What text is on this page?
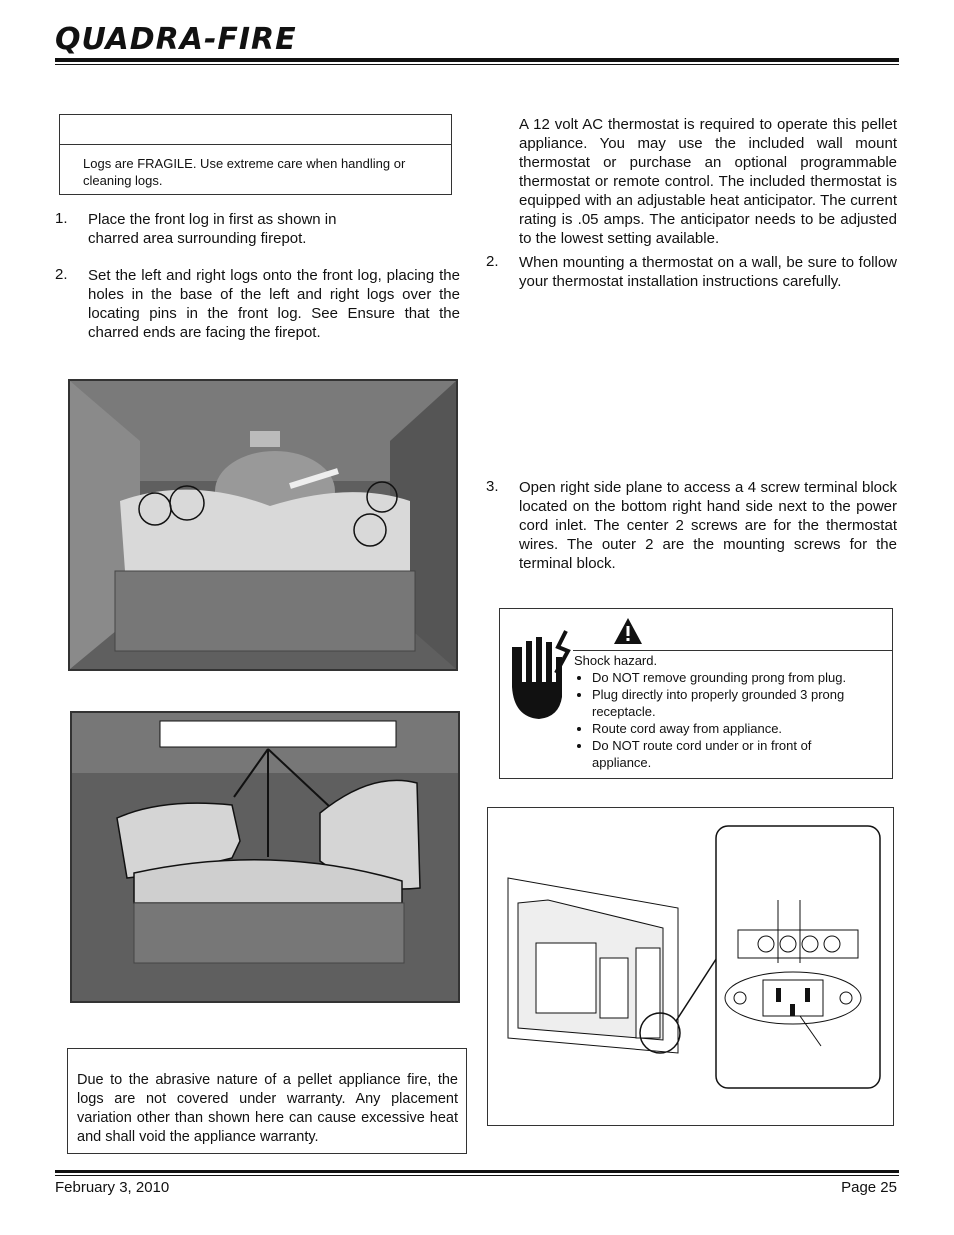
QUADRA-FIRE
Logs are FRAGILE. Use extreme care when handling or cleaning logs.
1. Place the front log in first as shown in charred area surrounding firepot.
2. Set the left and right logs onto the front log, placing the holes in the base of the left and right logs over the locating pins in the front log. See Ensure that the charred ends are facing the firepot.
Due to the abrasive nature of a pellet appliance fire, the logs are not covered under warranty. Any placement variation other than shown here can cause excessive heat and shall void the appliance warranty.
A 12 volt AC thermostat is required to operate this pellet appliance. You may use the included wall mount thermostat or purchase an optional programmable thermostat or remote control. The included thermostat is equipped with an adjustable heat anticipator. The current rating is .05 amps. The anticipator needs to be adjusted to the lowest setting available.
2. When mounting a thermostat on a wall, be sure to follow your thermostat installation instructions carefully.
3. Open right side plane to access a 4 screw terminal block located on the bottom right hand side next to the power cord inlet. The center 2 screws are for the thermostat wires. The outer 2 are the mounting screws for the terminal block.
Shock hazard.
• Do NOT remove grounding prong from plug.
• Plug directly into properly grounded 3 prong receptacle.
• Route cord away from appliance.
• Do NOT route cord under or in front of appliance.
February 3, 2010	Page 25
